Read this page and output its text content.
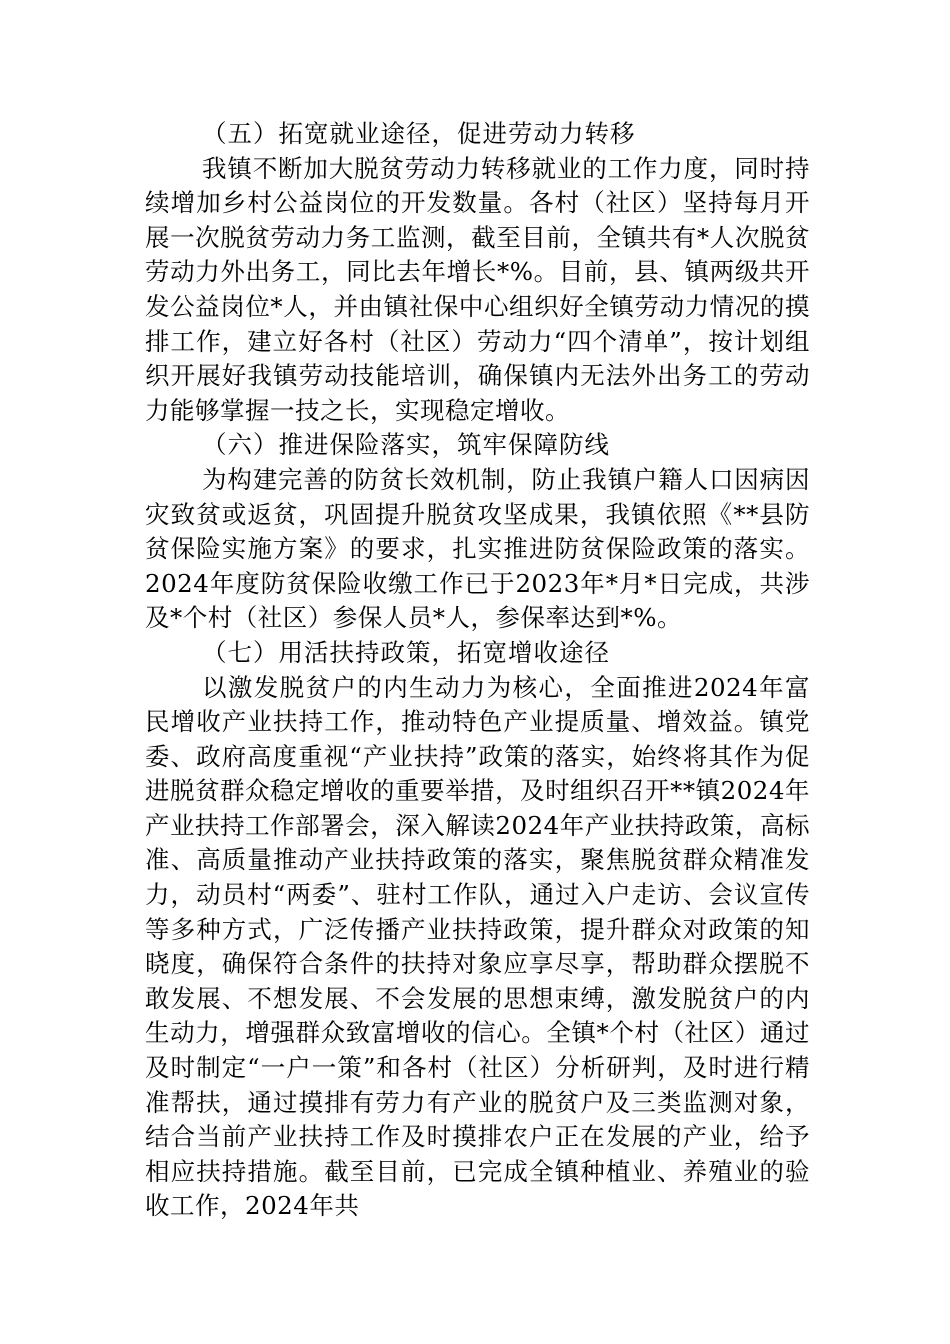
（五）拓宽就业途径，促进劳动力转移

我镇不断加大脱贫劳动力转移就业的工作力度，同时持续增加乡村公益岗位的开发数量。各村（社区）坚持每月开展一次脱贫劳动力务工监测，截至目前，全镇共有*人次脱贫劳动力外出务工，同比去年增长*%。目前，县、镇两级共开发公益岗位*人，并由镇社保中心组织好全镇劳动力情况的摸排工作，建立好各村（社区）劳动力“四个清单”，按计划组织开展好我镇劳动技能培训，确保镇内无法外出务工的劳动力能够掌握一技之长，实现稳定增收。

（六）推进保险落实，筑牢保障防线

为构建完善的防贫长效机制，防止我镇户籍人口因病因灾致贫或返贫，巩固提升脱贫攻坚成果，我镇依照《**县防贫保险实施方案》的要求，扎实推进防贫保险政策的落实。2024年度防贫保险收缴工作已于2023年*月*日完成，共涉及*个村（社区）参保人员*人，参保率达到*%。

（七）用活扶持政策，拓宽增收途径

以激发脱贫户的内生动力为核心，全面推进2024年富民增收产业扶持工作，推动特色产业提质量、增效益。镇党委、政府高度重视“产业扶持”政策的落实，始终将其作为促进脱贫群众稳定增收的重要举措，及时组织召开**镇2024年产业扶持工作部署会，深入解读2024年产业扶持政策，高标准、高质量推动产业扶持政策的落实，聚焦脱贫群众精准发力，动员村“两委”、驻村工作队，通过入户走访、会议宣传等多种方式，广泛传播产业扶持政策，提升群众对政策的知晓度，确保符合条件的扶持对象应享尽享，帮助群众摆脱不敢发展、不想发展、不会发展的思想束缚，激发脱贫户的内生动力，增强群众致富增收的信心。全镇*个村（社区）通过及时制定“一户一策”和各村（社区）分析研判，及时进行精准帮扶，通过摸排有劳力有产业的脱贫户及三类监测对象，结合当前产业扶持工作及时摸排农户正在发展的产业，给予相应扶持措施。截至目前，已完成全镇种植业、养殖业的验收工作，2024年共
